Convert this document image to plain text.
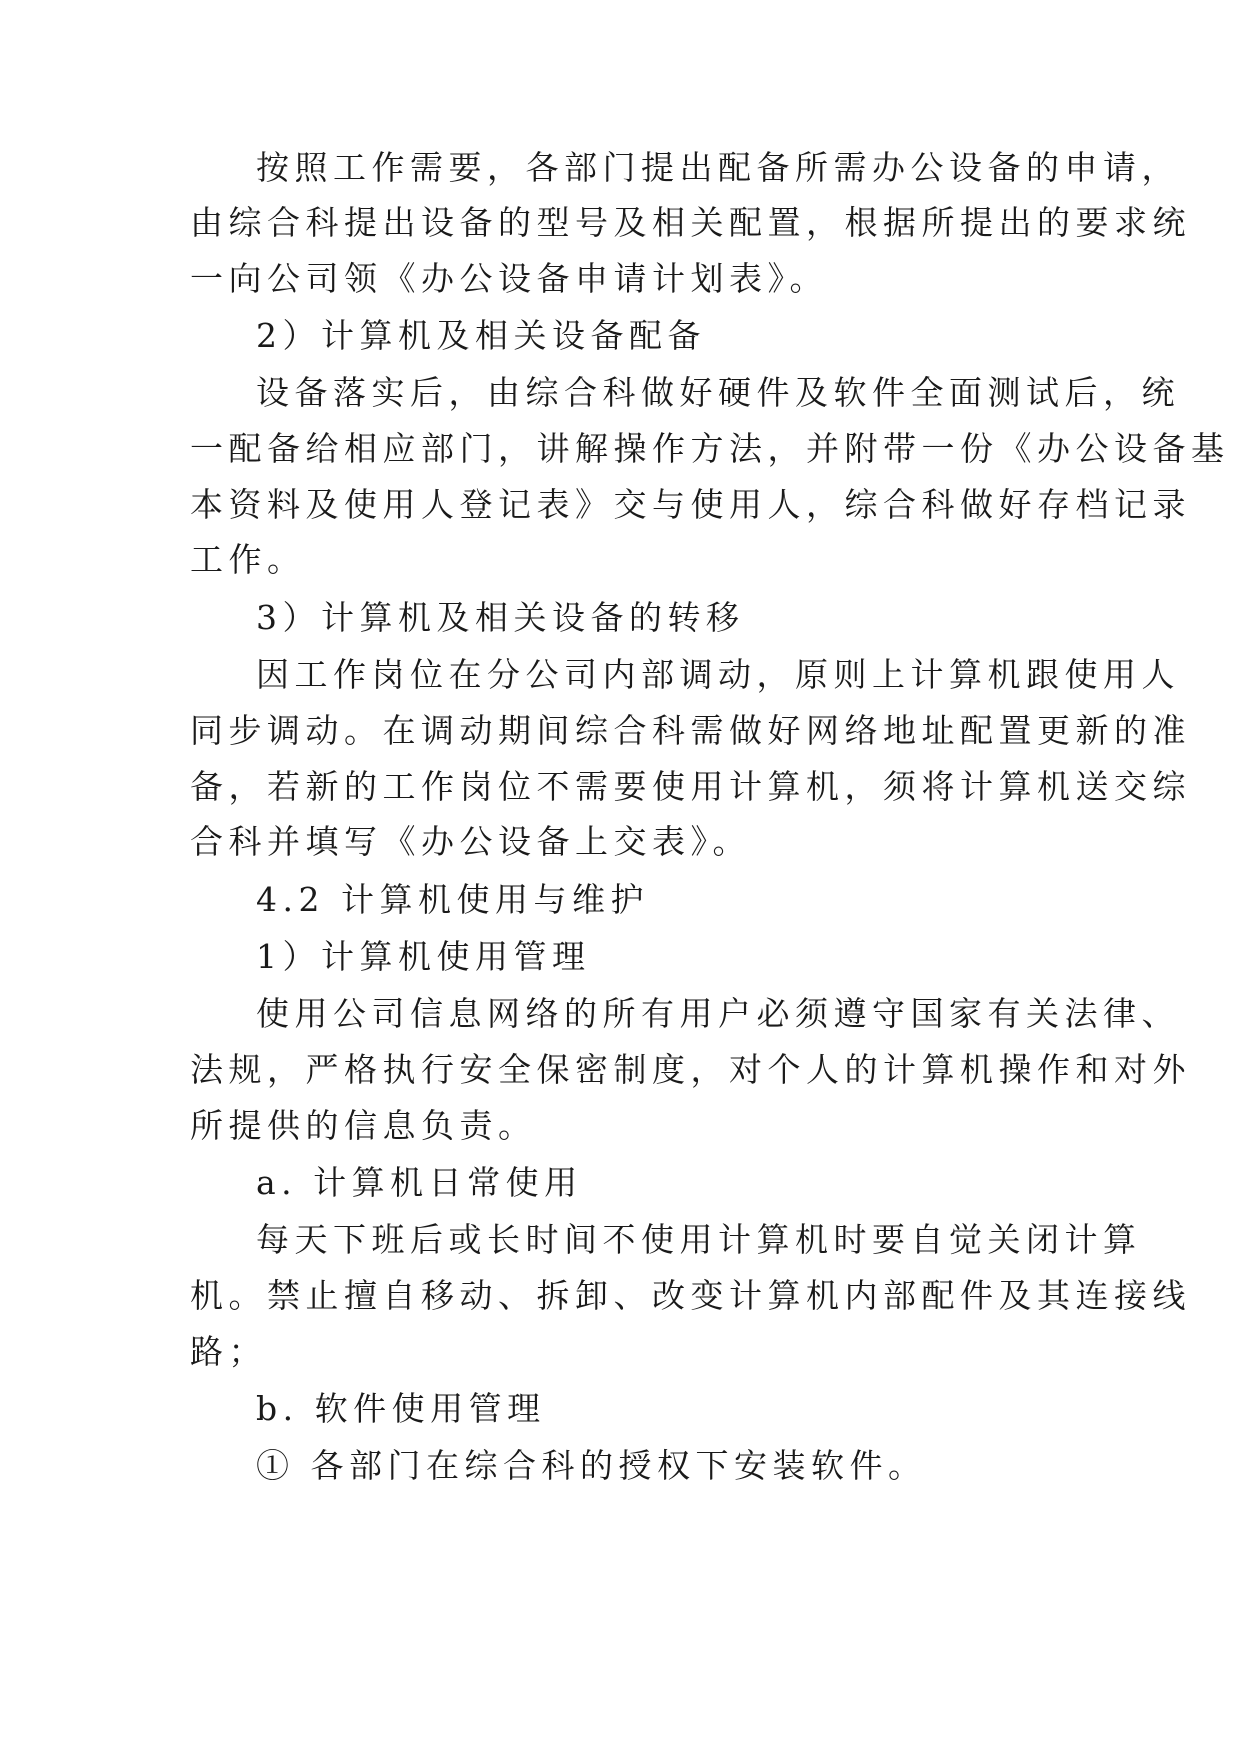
按照工作需要，各部门提出配备所需办公设备的申请，
由综合科提出设备的型号及相关配置，根据所提出的要求统
一向公司领《办公设备申请计划表》。
2）计算机及相关设备配备
设备落实后，由综合科做好硬件及软件全面测试后，统
一配备给相应部门，讲解操作方法，并附带一份《办公设备基
本资料及使用人登记表》交与使用人，综合科做好存档记录
工作。
3）计算机及相关设备的转移
因工作岗位在分公司内部调动，原则上计算机跟使用人
同步调动。在调动期间综合科需做好网络地址配置更新的准
备，若新的工作岗位不需要使用计算机，须将计算机送交综
合科并填写《办公设备上交表》。
4.2 计算机使用与维护
1）计算机使用管理
使用公司信息网络的所有用户必须遵守国家有关法律、
法规，严格执行安全保密制度，对个人的计算机操作和对外
所提供的信息负责。
a. 计算机日常使用
每天下班后或长时间不使用计算机时要自觉关闭计算
机。禁止擅自移动、拆卸、改变计算机内部配件及其连接线
路；
b. 软件使用管理
① 各部门在综合科的授权下安装软件。
